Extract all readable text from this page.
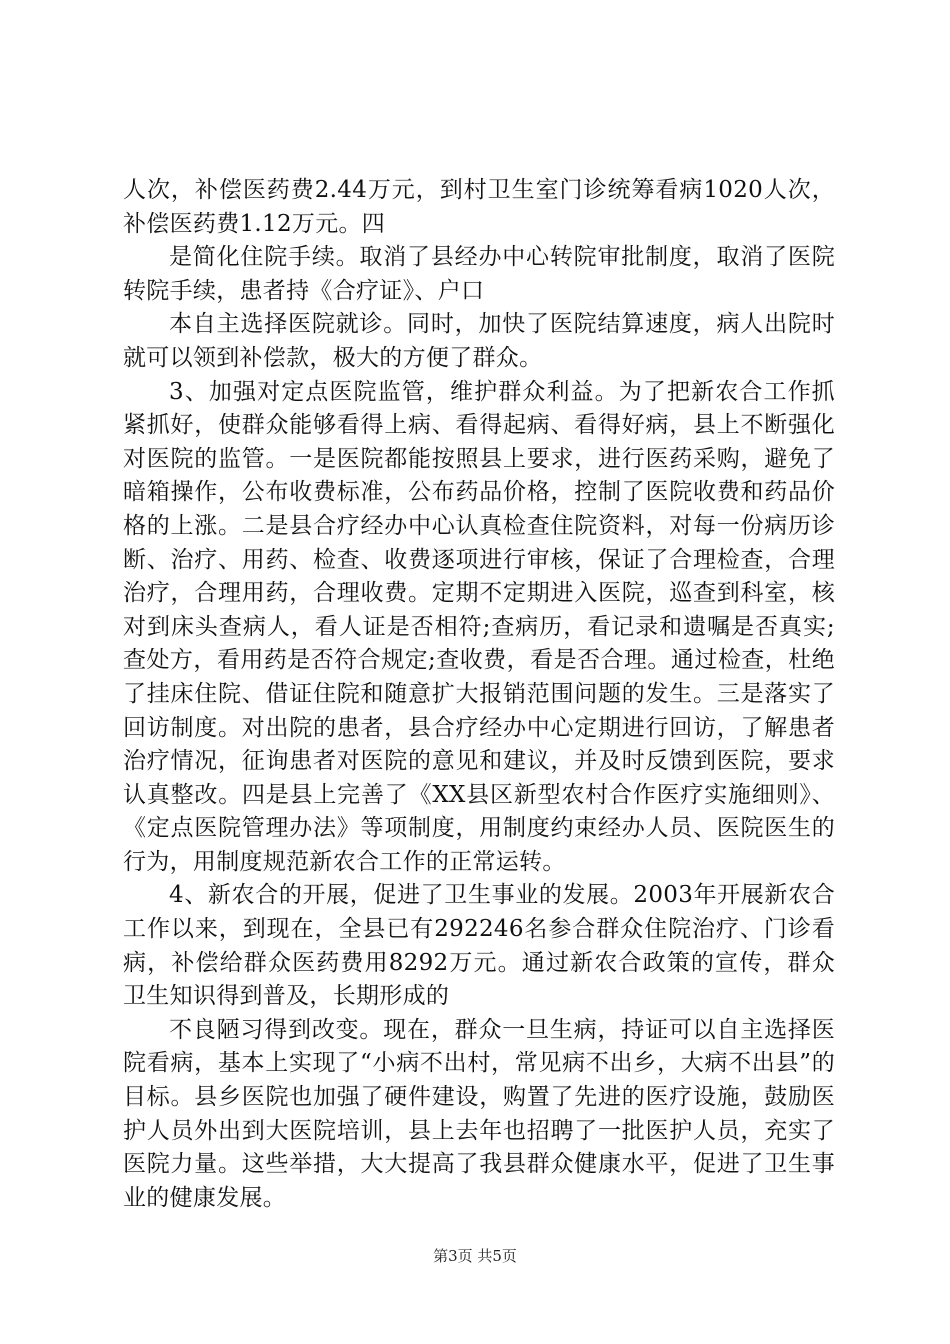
人次，补偿医药费2.44万元，到村卫生室门诊统筹看病1020人次，补偿医药费1.12万元。四

是简化住院手续。取消了县经办中心转院审批制度，取消了医院转院手续，患者持《合疗证》、户口

本自主选择医院就诊。同时，加快了医院结算速度，病人出院时就可以领到补偿款，极大的方便了群众。

3、加强对定点医院监管，维护群众利益。为了把新农合工作抓紧抓好，使群众能够看得上病、看得起病、看得好病，县上不断强化对医院的监管。一是医院都能按照县上要求，进行医药采购，避免了暗箱操作，公布收费标准，公布药品价格，控制了医院收费和药品价格的上涨。二是县合疗经办中心认真检查住院资料，对每一份病历诊断、治疗、用药、检查、收费逐项进行审核，保证了合理检查，合理治疗，合理用药，合理收费。定期不定期进入医院，巡查到科室，核对到床头查病人，看人证是否相符;查病历，看记录和遗嘱是否真实;查处方，看用药是否符合规定;查收费，看是否合理。通过检查，杜绝了挂床住院、借证住院和随意扩大报销范围问题的发生。三是落实了回访制度。对出院的患者，县合疗经办中心定期进行回访，了解患者治疗情况，征询患者对医院的意见和建议，并及时反馈到医院，要求认真整改。四是县上完善了《XX县区新型农村合作医疗实施细则》、《定点医院管理办法》等项制度，用制度约束经办人员、医院医生的行为，用制度规范新农合工作的正常运转。

4、新农合的开展，促进了卫生事业的发展。2003年开展新农合工作以来，到现在，全县已有292246名参合群众住院治疗、门诊看病，补偿给群众医药费用8292万元。通过新农合政策的宣传，群众卫生知识得到普及，长期形成的

不良陋习得到改变。现在，群众一旦生病，持证可以自主选择医院看病，基本上实现了“小病不出村，常见病不出乡，大病不出县”的目标。县乡医院也加强了硬件建设，购置了先进的医疗设施，鼓励医护人员外出到大医院培训，县上去年也招聘了一批医护人员，充实了医院力量。这些举措，大大提高了我县群众健康水平，促进了卫生事业的健康发展。

第3页 共5页
